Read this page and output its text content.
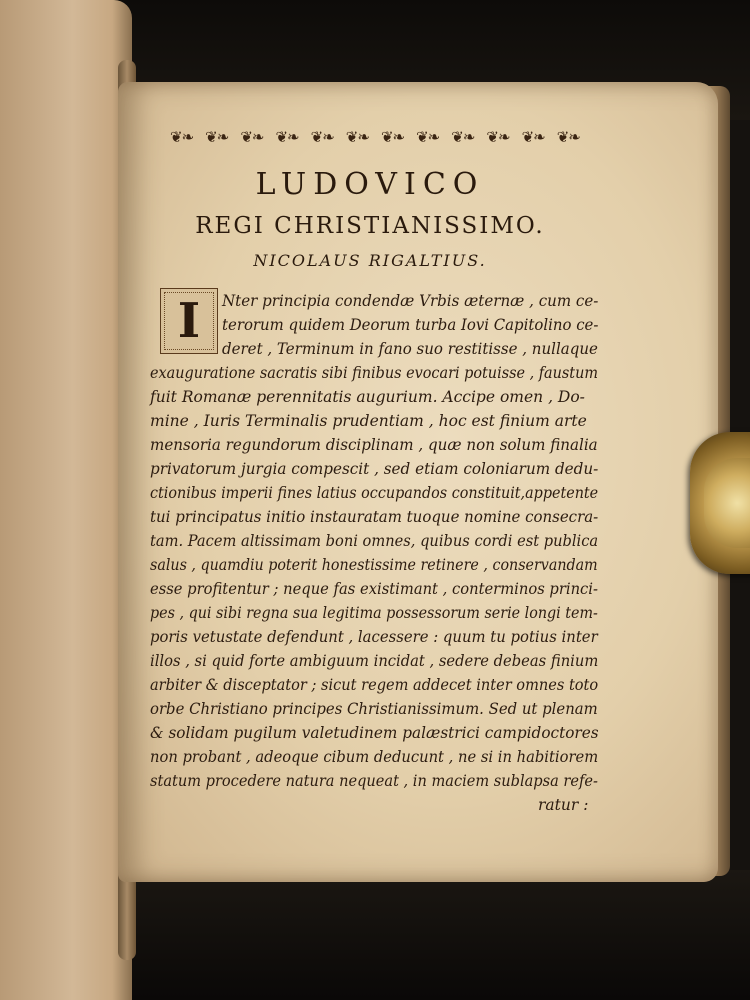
❦❧ ❦❧ ❦❧ ❦❧ ❦❧ ❦❧ ❦❧ ❦❧ ❦❧ ❦❧ ❦❧ ❦❧
LUDOVICO
REGI CHRISTIANISSIMO.
NICOLAUS RIGALTIUS.
I	Nter principia condendæ Vrbis æternæ , cum ce-
terorum quidem Deorum turba Iovi Capitolino ce-
deret , Terminum in fano suo restitisse , nullaque
exauguratione sacratis sibi finibus evocari potuisse , faustum
fuit Romanæ perennitatis augurium. Accipe omen , Do-
mine , Iuris Terminalis prudentiam , hoc est finium arte
mensoria regundorum disciplinam , quæ non solum finalia
privatorum jurgia compescit , sed etiam coloniarum dedu-
ctionibus imperii fines latius occupandos constituit,appetente
tui principatus initio instauratam tuoque nomine consecra-
tam. Pacem altissimam boni omnes, quibus cordi est publica
salus , quamdiu poterit honestissime retinere , conservandam
esse profitentur ; neque fas existimant , conterminos princi-
pes , qui sibi regna sua legitima possessorum serie longi tem-
poris vetustate defendunt , lacessere : quum tu potius inter
illos , si quid forte ambiguum incidat , sedere debeas finium
arbiter & disceptator ; sicut regem addecet inter omnes toto
orbe Christiano principes Christianissimum. Sed ut plenam
& solidam pugilum valetudinem palæstrici campidoctores
non probant , adeoque cibum deducunt , ne si in habitiorem
statum procedere natura nequeat , in maciem sublapsa refe-
ratur :
